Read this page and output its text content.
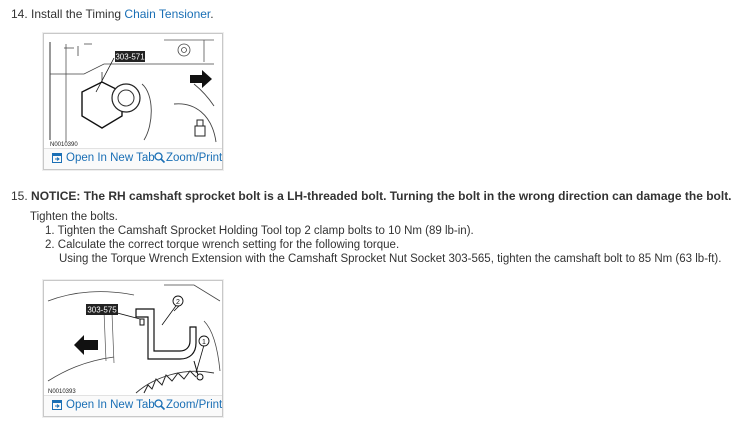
14. Install the Timing Chain Tensioner.
303-571
N0010390
Open In New Tab Zoom/Print
15. NOTICE: The RH camshaft sprocket bolt is a LH-threaded bolt. Turning the bolt in the wrong direction can damage the bolt.
Tighten the bolts.
1. Tighten the Camshaft Sprocket Holding Tool top 2 clamp bolts to 10 Nm (89 lb-in).
2. Calculate the correct torque wrench setting for the following torque.
Using the Torque Wrench Extension with the Camshaft Sprocket Nut Socket 303-565, tighten the camshaft bolt to 85 Nm (63 lb-ft).
303-575
2
1
N0010393
Open In New Tab Zoom/Print
